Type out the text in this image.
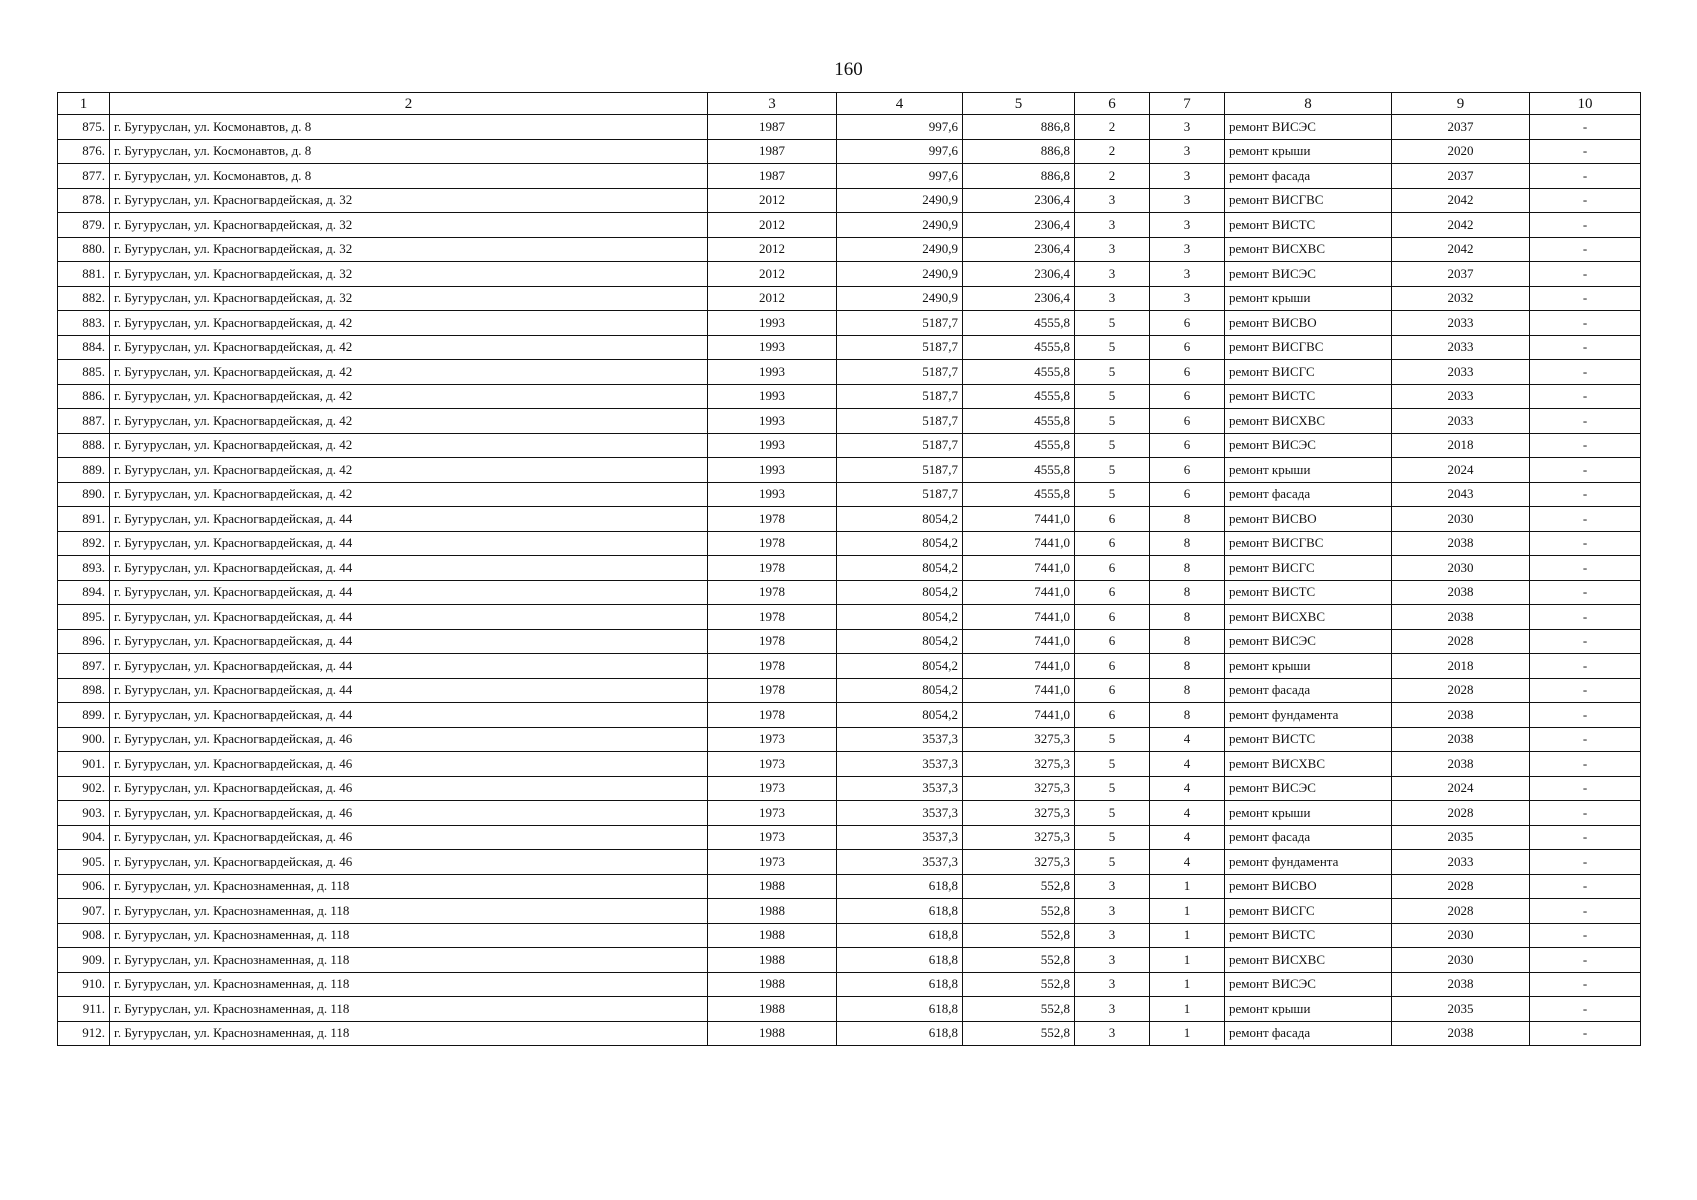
160
1	2	3	4	5	6	7	8	9	10
875.	г. Бугуруслан, ул. Космонавтов, д. 8	1987	997,6	886,8	2	3	ремонт ВИСЭС	2037	-
876.	г. Бугуруслан, ул. Космонавтов, д. 8	1987	997,6	886,8	2	3	ремонт крыши	2020	-
877.	г. Бугуруслан, ул. Космонавтов, д. 8	1987	997,6	886,8	2	3	ремонт фасада	2037	-
878.	г. Бугуруслан, ул. Красногвардейская, д. 32	2012	2490,9	2306,4	3	3	ремонт ВИСГВС	2042	-
879.	г. Бугуруслан, ул. Красногвардейская, д. 32	2012	2490,9	2306,4	3	3	ремонт ВИСТС	2042	-
880.	г. Бугуруслан, ул. Красногвардейская, д. 32	2012	2490,9	2306,4	3	3	ремонт ВИСХВС	2042	-
881.	г. Бугуруслан, ул. Красногвардейская, д. 32	2012	2490,9	2306,4	3	3	ремонт ВИСЭС	2037	-
882.	г. Бугуруслан, ул. Красногвардейская, д. 32	2012	2490,9	2306,4	3	3	ремонт крыши	2032	-
883.	г. Бугуруслан, ул. Красногвардейская, д. 42	1993	5187,7	4555,8	5	6	ремонт ВИСВО	2033	-
884.	г. Бугуруслан, ул. Красногвардейская, д. 42	1993	5187,7	4555,8	5	6	ремонт ВИСГВС	2033	-
885.	г. Бугуруслан, ул. Красногвардейская, д. 42	1993	5187,7	4555,8	5	6	ремонт ВИСГС	2033	-
886.	г. Бугуруслан, ул. Красногвардейская, д. 42	1993	5187,7	4555,8	5	6	ремонт ВИСТС	2033	-
887.	г. Бугуруслан, ул. Красногвардейская, д. 42	1993	5187,7	4555,8	5	6	ремонт ВИСХВС	2033	-
888.	г. Бугуруслан, ул. Красногвардейская, д. 42	1993	5187,7	4555,8	5	6	ремонт ВИСЭС	2018	-
889.	г. Бугуруслан, ул. Красногвардейская, д. 42	1993	5187,7	4555,8	5	6	ремонт крыши	2024	-
890.	г. Бугуруслан, ул. Красногвардейская, д. 42	1993	5187,7	4555,8	5	6	ремонт фасада	2043	-
891.	г. Бугуруслан, ул. Красногвардейская, д. 44	1978	8054,2	7441,0	6	8	ремонт ВИСВО	2030	-
892.	г. Бугуруслан, ул. Красногвардейская, д. 44	1978	8054,2	7441,0	6	8	ремонт ВИСГВС	2038	-
893.	г. Бугуруслан, ул. Красногвардейская, д. 44	1978	8054,2	7441,0	6	8	ремонт ВИСГС	2030	-
894.	г. Бугуруслан, ул. Красногвардейская, д. 44	1978	8054,2	7441,0	6	8	ремонт ВИСТС	2038	-
895.	г. Бугуруслан, ул. Красногвардейская, д. 44	1978	8054,2	7441,0	6	8	ремонт ВИСХВС	2038	-
896.	г. Бугуруслан, ул. Красногвардейская, д. 44	1978	8054,2	7441,0	6	8	ремонт ВИСЭС	2028	-
897.	г. Бугуруслан, ул. Красногвардейская, д. 44	1978	8054,2	7441,0	6	8	ремонт крыши	2018	-
898.	г. Бугуруслан, ул. Красногвардейская, д. 44	1978	8054,2	7441,0	6	8	ремонт фасада	2028	-
899.	г. Бугуруслан, ул. Красногвардейская, д. 44	1978	8054,2	7441,0	6	8	ремонт фундамента	2038	-
900.	г. Бугуруслан, ул. Красногвардейская, д. 46	1973	3537,3	3275,3	5	4	ремонт ВИСТС	2038	-
901.	г. Бугуруслан, ул. Красногвардейская, д. 46	1973	3537,3	3275,3	5	4	ремонт ВИСХВС	2038	-
902.	г. Бугуруслан, ул. Красногвардейская, д. 46	1973	3537,3	3275,3	5	4	ремонт ВИСЭС	2024	-
903.	г. Бугуруслан, ул. Красногвардейская, д. 46	1973	3537,3	3275,3	5	4	ремонт крыши	2028	-
904.	г. Бугуруслан, ул. Красногвардейская, д. 46	1973	3537,3	3275,3	5	4	ремонт фасада	2035	-
905.	г. Бугуруслан, ул. Красногвардейская, д. 46	1973	3537,3	3275,3	5	4	ремонт фундамента	2033	-
906.	г. Бугуруслан, ул. Краснознаменная, д. 118	1988	618,8	552,8	3	1	ремонт ВИСВО	2028	-
907.	г. Бугуруслан, ул. Краснознаменная, д. 118	1988	618,8	552,8	3	1	ремонт ВИСГС	2028	-
908.	г. Бугуруслан, ул. Краснознаменная, д. 118	1988	618,8	552,8	3	1	ремонт ВИСТС	2030	-
909.	г. Бугуруслан, ул. Краснознаменная, д. 118	1988	618,8	552,8	3	1	ремонт ВИСХВС	2030	-
910.	г. Бугуруслан, ул. Краснознаменная, д. 118	1988	618,8	552,8	3	1	ремонт ВИСЭС	2038	-
911.	г. Бугуруслан, ул. Краснознаменная, д. 118	1988	618,8	552,8	3	1	ремонт крыши	2035	-
912.	г. Бугуруслан, ул. Краснознаменная, д. 118	1988	618,8	552,8	3	1	ремонт фасада	2038	-
